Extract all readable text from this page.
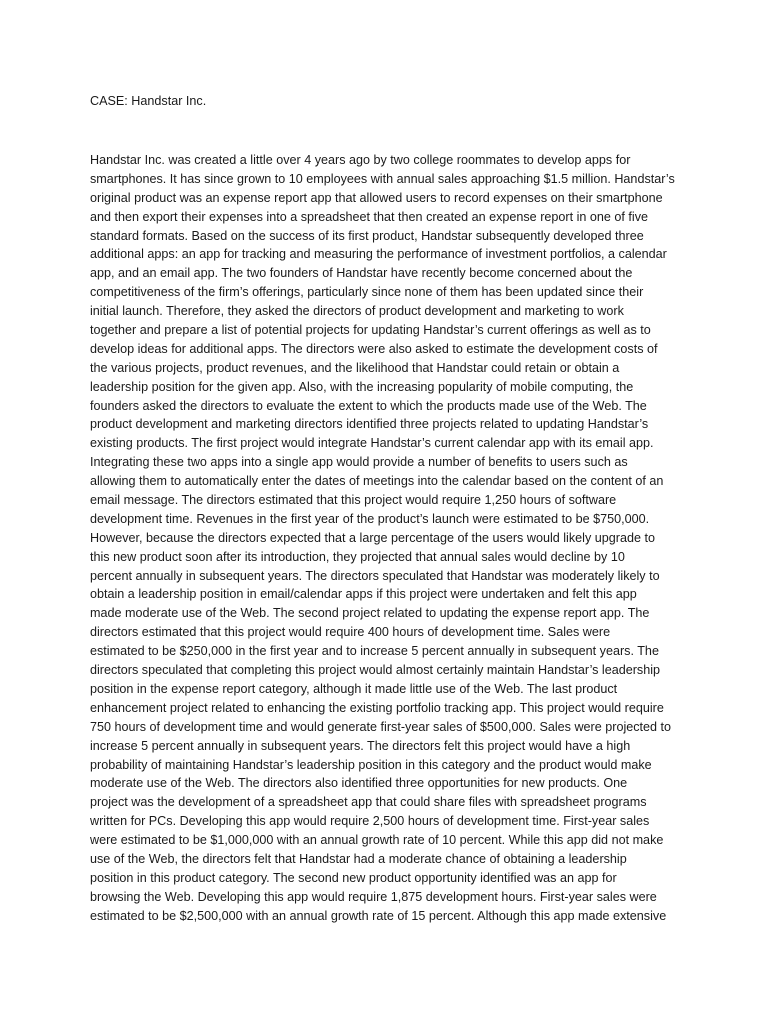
CASE: Handstar Inc.
Handstar Inc. was created a little over 4 years ago by two college roommates to develop apps for
smartphones. It has since grown to 10 employees with annual sales approaching $1.5 million. Handstar’s
original product was an expense report app that allowed users to record expenses on their smartphone
and then export their expenses into a spreadsheet that then created an expense report in one of five
standard formats. Based on the success of its first product, Handstar subsequently developed three
additional apps: an app for tracking and measuring the performance of investment portfolios, a calendar
app, and an email app. The two founders of Handstar have recently become concerned about the
competitiveness of the firm’s offerings, particularly since none of them has been updated since their
initial launch. Therefore, they asked the directors of product development and marketing to work
together and prepare a list of potential projects for updating Handstar’s current offerings as well as to
develop ideas for additional apps. The directors were also asked to estimate the development costs of
the various projects, product revenues, and the likelihood that Handstar could retain or obtain a
leadership position for the given app. Also, with the increasing popularity of mobile computing, the
founders asked the directors to evaluate the extent to which the products made use of the Web. The
product development and marketing directors identified three projects related to updating Handstar’s
existing products. The first project would integrate Handstar’s current calendar app with its email app.
Integrating these two apps into a single app would provide a number of benefits to users such as
allowing them to automatically enter the dates of meetings into the calendar based on the content of an
email message. The directors estimated that this project would require 1,250 hours of software
development time. Revenues in the first year of the product’s launch were estimated to be $750,000.
However, because the directors expected that a large percentage of the users would likely upgrade to
this new product soon after its introduction, they projected that annual sales would decline by 10
percent annually in subsequent years. The directors speculated that Handstar was moderately likely to
obtain a leadership position in email/calendar apps if this project were undertaken and felt this app
made moderate use of the Web. The second project related to updating the expense report app. The
directors estimated that this project would require 400 hours of development time. Sales were
estimated to be $250,000 in the first year and to increase 5 percent annually in subsequent years. The
directors speculated that completing this project would almost certainly maintain Handstar’s leadership
position in the expense report category, although it made little use of the Web. The last product
enhancement project related to enhancing the existing portfolio tracking app. This project would require
750 hours of development time and would generate first-year sales of $500,000. Sales were projected to
increase 5 percent annually in subsequent years. The directors felt this project would have a high
probability of maintaining Handstar’s leadership position in this category and the product would make
moderate use of the Web. The directors also identified three opportunities for new products. One
project was the development of a spreadsheet app that could share files with spreadsheet programs
written for PCs. Developing this app would require 2,500 hours of development time. First-year sales
were estimated to be $1,000,000 with an annual growth rate of 10 percent. While this app did not make
use of the Web, the directors felt that Handstar had a moderate chance of obtaining a leadership
position in this product category. The second new product opportunity identified was an app for
browsing the Web. Developing this app would require 1,875 development hours. First-year sales were
estimated to be $2,500,000 with an annual growth rate of 15 percent. Although this app made extensive
